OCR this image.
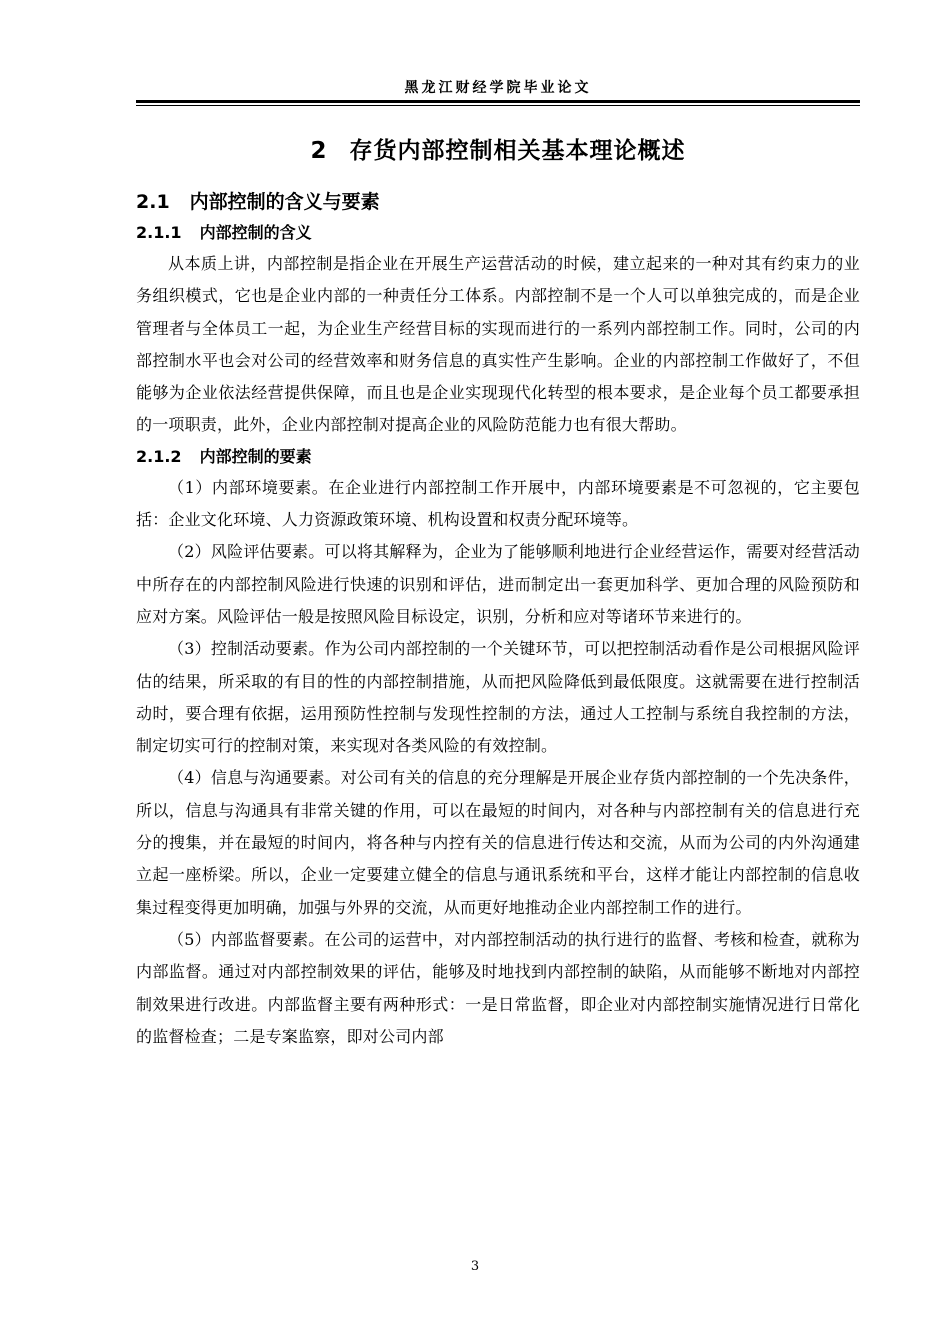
黑龙江财经学院毕业论文
2 存货内部控制相关基本理论概述
2.1 内部控制的含义与要素
2.1.1 内部控制的含义

从本质上讲，内部控制是指企业在开展生产运营活动的时候，建立起来的一种对其有约束力的业务组织模式，它也是企业内部的一种责任分工体系。内部控制不是一个人可以单独完成的，而是企业管理者与全体员工一起，为企业生产经营目标的实现而进行的一系列内部控制工作。同时，公司的内部控制水平也会对公司的经营效率和财务信息的真实性产生影响。企业的内部控制工作做好了，不但能够为企业依法经营提供保障，而且也是企业实现现代化转型的根本要求，是企业每个员工都要承担的一项职责，此外，企业内部控制对提高企业的风险防范能力也有很大帮助。

2.1.2 内部控制的要素

（1）内部环境要素。在企业进行内部控制工作开展中，内部环境要素是不可忽视的，它主要包括：企业文化环境、人力资源政策环境、机构设置和权责分配环境等。

（2）风险评估要素。可以将其解释为，企业为了能够顺利地进行企业经营运作，需要对经营活动中所存在的内部控制风险进行快速的识别和评估，进而制定出一套更加科学、更加合理的风险预防和应对方案。风险评估一般是按照风险目标设定，识别，分析和应对等诸环节来进行的。

（3）控制活动要素。作为公司内部控制的一个关键环节，可以把控制活动看作是公司根据风险评估的结果，所采取的有目的性的内部控制措施，从而把风险降低到最低限度。这就需要在进行控制活动时，要合理有依据，运用预防性控制与发现性控制的方法，通过人工控制与系统自我控制的方法，制定切实可行的控制对策，来实现对各类风险的有效控制。

（4）信息与沟通要素。对公司有关的信息的充分理解是开展企业存货内部控制的一个先决条件，所以，信息与沟通具有非常关键的作用，可以在最短的时间内，对各种与内部控制有关的信息进行充分的搜集，并在最短的时间内，将各种与内控有关的信息进行传达和交流，从而为公司的内外沟通建立起一座桥梁。所以，企业一定要建立健全的信息与通讯系统和平台，这样才能让内部控制的信息收集过程变得更加明确，加强与外界的交流，从而更好地推动企业内部控制工作的进行。

（5）内部监督要素。在公司的运营中，对内部控制活动的执行进行的监督、考核和检查，就称为内部监督。通过对内部控制效果的评估，能够及时地找到内部控制的缺陷，从而能够不断地对内部控制效果进行改进。内部监督主要有两种形式：一是日常监督，即企业对内部控制实施情况进行日常化的监督检查；二是专案监察，即对公司内部

3
